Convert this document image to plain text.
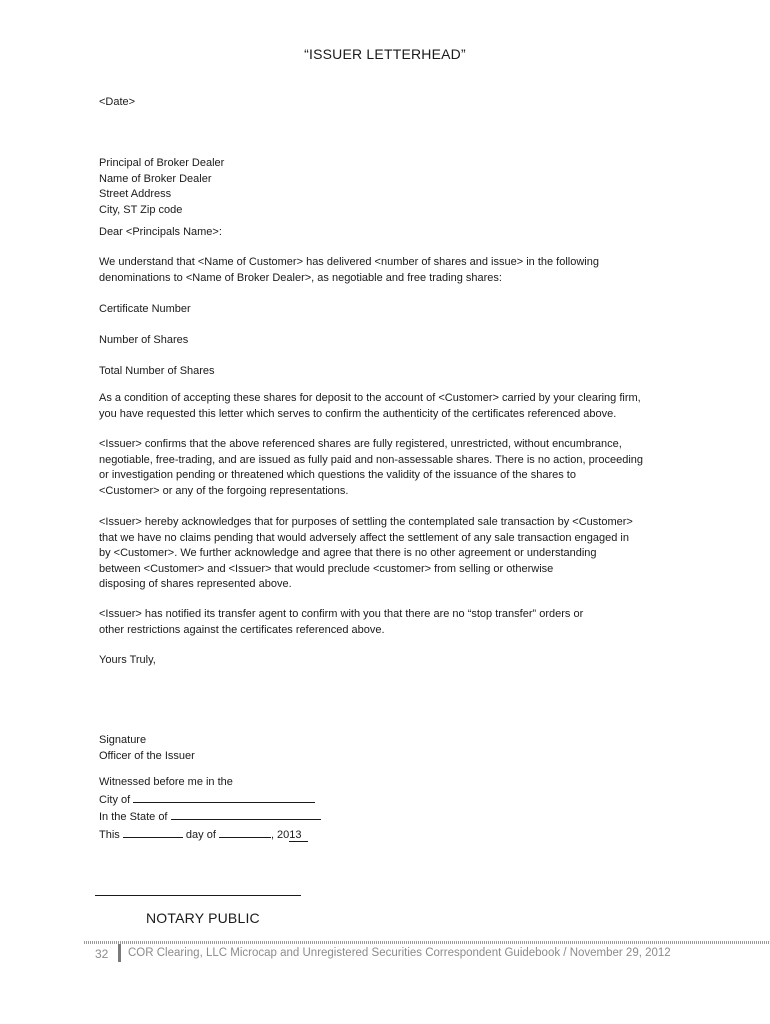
“ISSUER LETTERHEAD”
<Date>
Principal of Broker Dealer
Name of Broker Dealer
Street Address
City, ST Zip code
Dear <Principals Name>:
We understand that <Name of Customer> has delivered <number of shares and issue> in the following
denominations to <Name of Broker Dealer>, as negotiable and free trading shares:
Certificate Number
Number of Shares
Total Number of Shares
As a condition of accepting these shares for deposit to the account of <Customer> carried by your clearing firm,
you have requested this letter which serves to confirm the authenticity of the certificates referenced above.
<Issuer> confirms that the above referenced shares are fully registered, unrestricted, without encumbrance,
negotiable, free-trading, and are issued as fully paid and non-assessable shares. There is no action, proceeding
or investigation pending or threatened which questions the validity of the issuance of the shares to
<Customer> or any of the forgoing representations.
<Issuer> hereby acknowledges that for purposes of settling the contemplated sale transaction by <Customer>
that we have no claims pending that would adversely affect the settlement of any sale transaction engaged in
by <Customer>. We further acknowledge and agree that there is no other agreement or understanding
between <Customer> and <Issuer> that would preclude <customer> from selling or otherwise
disposing of shares represented above.
<Issuer> has notified its transfer agent to confirm with you that there are no “stop transfer” orders or
other restrictions against the certificates referenced above.
Yours Truly,
Signature
Officer of the Issuer
Witnessed before me in the
City of
In the State of
This	day of	, 2013
NOTARY PUBLIC
32 COR Clearing, LLC Microcap and Unregistered Securities Correspondent Guidebook / November 29, 2012
